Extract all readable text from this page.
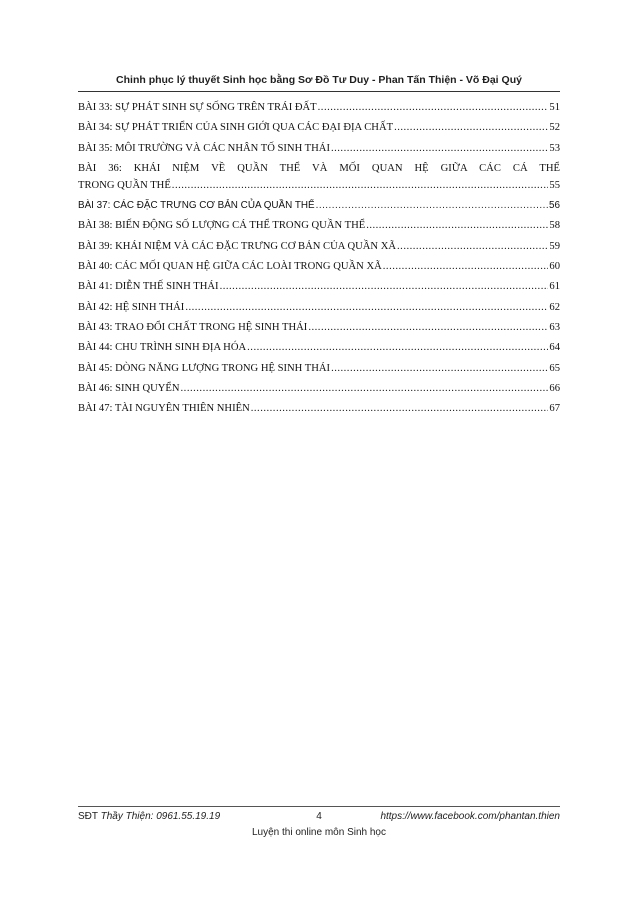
Chinh phục lý thuyết Sinh học bằng Sơ Đồ Tư Duy - Phan Tấn Thiện - Võ Đại Quý
BÀI 33: SỰ PHÁT SINH SỰ SỐNG TRÊN TRÁI ĐẤT .....	51
BÀI 34: SỰ PHÁT TRIỂN CỦA SINH GIỚI QUA CÁC ĐẠI ĐỊA CHẤT .....	52
BÀI 35: MÔI TRƯỜNG VÀ CÁC NHÂN TỐ SINH THÁI .....	53
BÀI 36: KHÁI NIỆM VỀ QUẦN THỂ VÀ MỐI QUAN HỆ GIỮA CÁC CÁ THỂ
TRONG QUẦN THỂ .....	55
BÀI 37: CÁC ĐẶC TRƯNG CƠ BẢN CỦA QUẦN THỂ .....	56
BÀI 38: BIẾN ĐỘNG SỐ LƯỢNG CÁ THỂ TRONG QUẦN THỂ .....	58
BÀI 39: KHÁI NIỆM VÀ CÁC ĐẶC TRƯNG CƠ BẢN CỦA QUẦN XÃ .....	59
BÀI 40: CÁC MỐI QUAN HỆ GIỮA CÁC LOÀI TRONG QUẦN XÃ .....	60
BÀI 41: DIỄN THẾ SINH THÁI .....	61
BÀI 42: HỆ SINH THÁI .....	62
BÀI 43: TRAO ĐỔI CHẤT TRONG HỆ SINH THÁI .....	63
BÀI 44: CHU TRÌNH SINH ĐỊA HÓA .....	64
BÀI 45: DÒNG NĂNG LƯỢNG TRONG HỆ SINH THÁI .....	65
BÀI 46: SINH QUYỂN .....	66
BÀI 47: TÀI NGUYÊN THIÊN NHIÊN .....	67
SĐT Thầy Thiện: 0961.55.19.19	4	https://www.facebook.com/phantan.thien
Luyện thi online môn Sinh học
